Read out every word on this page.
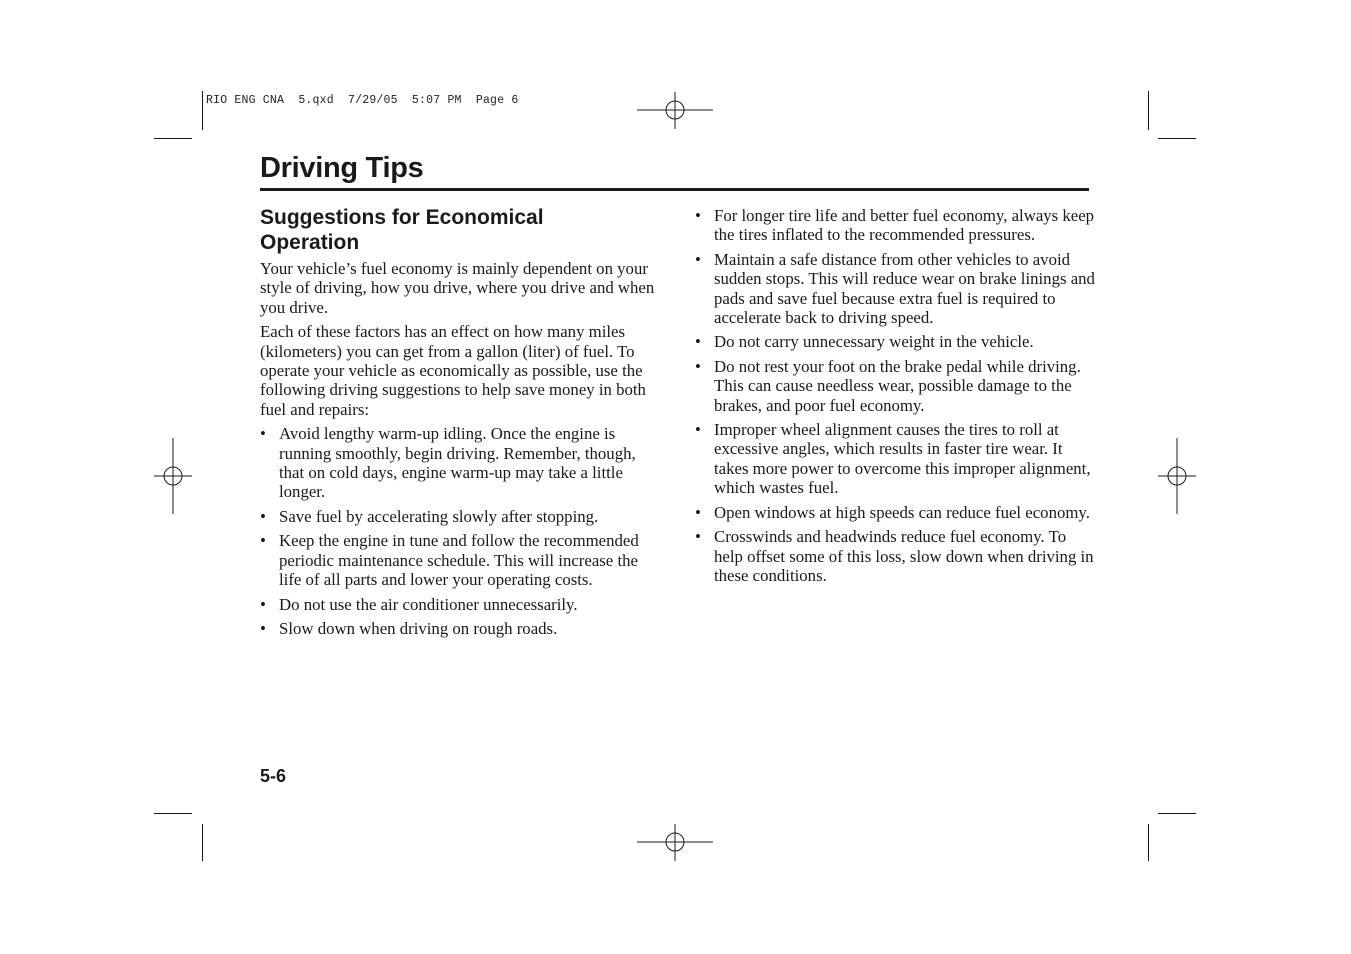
RIO ENG CNA  5.qxd  7/29/05  5:07 PM  Page 6
Driving Tips
Suggestions for Economical
Operation

Your vehicle’s fuel economy is mainly dependent on your style of driving, how you drive, where you drive and when you drive.

Each of these factors has an effect on how many miles (kilometers) you can get from a gallon (liter) of fuel. To operate your vehicle as economically as possible, use the following driving suggestions to help save money in both fuel and repairs:

• Avoid lengthy warm-up idling. Once the engine is running smoothly, begin driving. Remember, though, that on cold days, engine warm-up may take a little longer.
• Save fuel by accelerating slowly after stopping.
• Keep the engine in tune and follow the recommended periodic maintenance schedule. This will increase the life of all parts and lower your operating costs.
• Do not use the air conditioner unnecessarily.
• Slow down when driving on rough roads.
• For longer tire life and better fuel economy, always keep the tires inflated to the recommended pressures.
• Maintain a safe distance from other vehicles to avoid sudden stops. This will reduce wear on brake linings and pads and save fuel because extra fuel is required to accelerate back to driving speed.
• Do not carry unnecessary weight in the vehicle.
• Do not rest your foot on the brake pedal while driving. This can cause needless wear, possible damage to the brakes, and poor fuel economy.
• Improper wheel alignment causes the tires to roll at excessive angles, which results in faster tire wear. It takes more power to overcome this improper alignment, which wastes fuel.
• Open windows at high speeds can reduce fuel economy.
• Crosswinds and headwinds reduce fuel economy. To help offset some of this loss, slow down when driving in these conditions.
5-6
